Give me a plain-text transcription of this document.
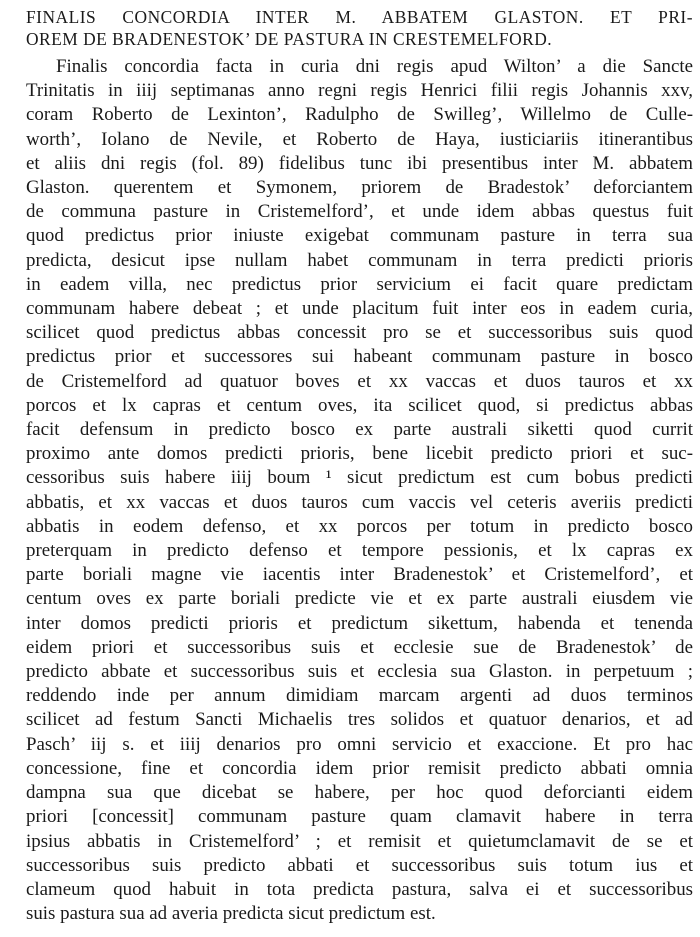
FINALIS CONCORDIA INTER M. ABBATEM GLASTON. ET PRI-
OREM DE BRADENESTOK’ DE PASTURA IN CRESTEMELFORD.
Finalis concordia facta in curia dni regis apud Wilton’ a die Sancte
Trinitatis in iiij septimanas anno regni regis Henrici filii regis Johannis xxv,
coram Roberto de Lexinton’, Radulpho de Swilleg’, Willelmo de Culle-
worth’, Iolano de Nevile, et Roberto de Haya, iusticiariis itinerantibus
et aliis dni regis (fol. 89) fidelibus tunc ibi presentibus inter M. abbatem
Glaston. querentem et Symonem, priorem de Bradestok’ deforciantem
de communa pasture in Cristemelford’, et unde idem abbas questus fuit
quod predictus prior iniuste exigebat communam pasture in terra sua
predicta, desicut ipse nullam habet communam in terra predicti prioris
in eadem villa, nec predictus prior servicium ei facit quare predictam
communam habere debeat ; et unde placitum fuit inter eos in eadem curia,
scilicet quod predictus abbas concessit pro se et successoribus suis quod
predictus prior et successores sui habeant communam pasture in bosco
de Cristemelford ad quatuor boves et xx vaccas et duos tauros et xx
porcos et lx capras et centum oves, ita scilicet quod, si predictus abbas
facit defensum in predicto bosco ex parte australi siketti quod currit
proximo ante domos predicti prioris, bene licebit predicto priori et suc-
cessoribus suis habere iiij boum ¹ sicut predictum est cum bobus predicti
abbatis, et xx vaccas et duos tauros cum vaccis vel ceteris averiis predicti
abbatis in eodem defenso, et xx porcos per totum in predicto bosco
preterquam in predicto defenso et tempore pessionis, et lx capras ex
parte boriali magne vie iacentis inter Bradenestok’ et Cristemelford’, et
centum oves ex parte boriali predicte vie et ex parte australi eiusdem vie
inter domos predicti prioris et predictum sikettum, habenda et tenenda
eidem priori et successoribus suis et ecclesie sue de Bradenestok’ de
predicto abbate et successoribus suis et ecclesia sua Glaston. in perpetuum ;
reddendo inde per annum dimidiam marcam argenti ad duos terminos
scilicet ad festum Sancti Michaelis tres solidos et quatuor denarios, et ad
Pasch’ iij s. et iiij denarios pro omni servicio et exaccione. Et pro hac
concessione, fine et concordia idem prior remisit predicto abbati omnia
dampna sua que dicebat se habere, per hoc quod deforcianti eidem
priori [concessit] communam pasture quam clamavit habere in terra
ipsius abbatis in Cristemelford’ ; et remisit et quietumclamavit de se et
successoribus suis predicto abbati et successoribus suis totum ius et
clameum quod habuit in tota predicta pastura, salva ei et successoribus
suis pastura sua ad averia predicta sicut predictum est.
